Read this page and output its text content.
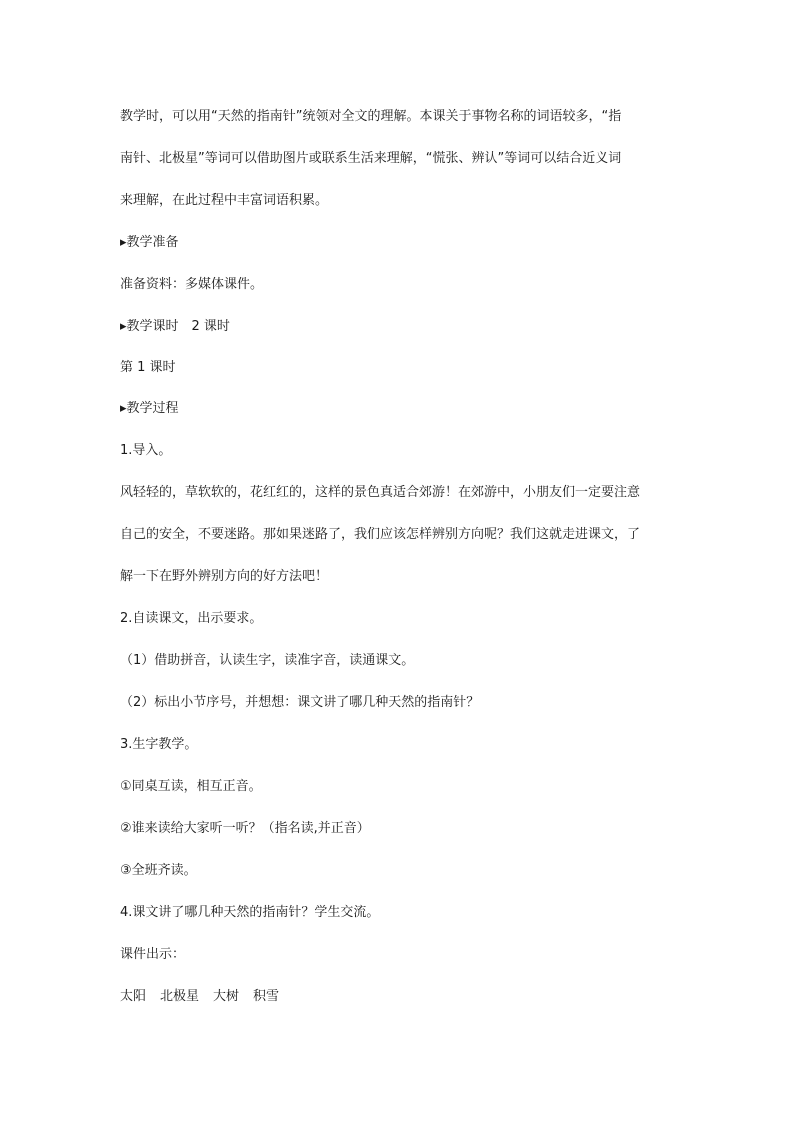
教学时，可以用“天然的指南针”统领对全文的理解。本课关于事物名称的词语较多，“指
南针、北极星”等词可以借助图片或联系生活来理解，“慌张、辨认”等词可以结合近义词
来理解，在此过程中丰富词语积累。
▸教学准备
准备资料：多媒体课件。
▸教学课时　2 课时
第 1 课时
▸教学过程
1.导入。
风轻轻的，草软软的，花红红的，这样的景色真适合郊游！在郊游中，小朋友们一定要注意
自己的安全，不要迷路。那如果迷路了，我们应该怎样辨别方向呢？我们这就走进课文，了
解一下在野外辨别方向的好方法吧！
2.自读课文，出示要求。
（1）借助拼音，认读生字，读准字音，读通课文。
（2）标出小节序号，并想想：课文讲了哪几种天然的指南针？
3.生字教学。
①同桌互读，相互正音。
②谁来读给大家听一听？（指名读,并正音）
③全班齐读。
4.课文讲了哪几种天然的指南针？学生交流。
课件出示：
太阳 北极星 大树 积雪
